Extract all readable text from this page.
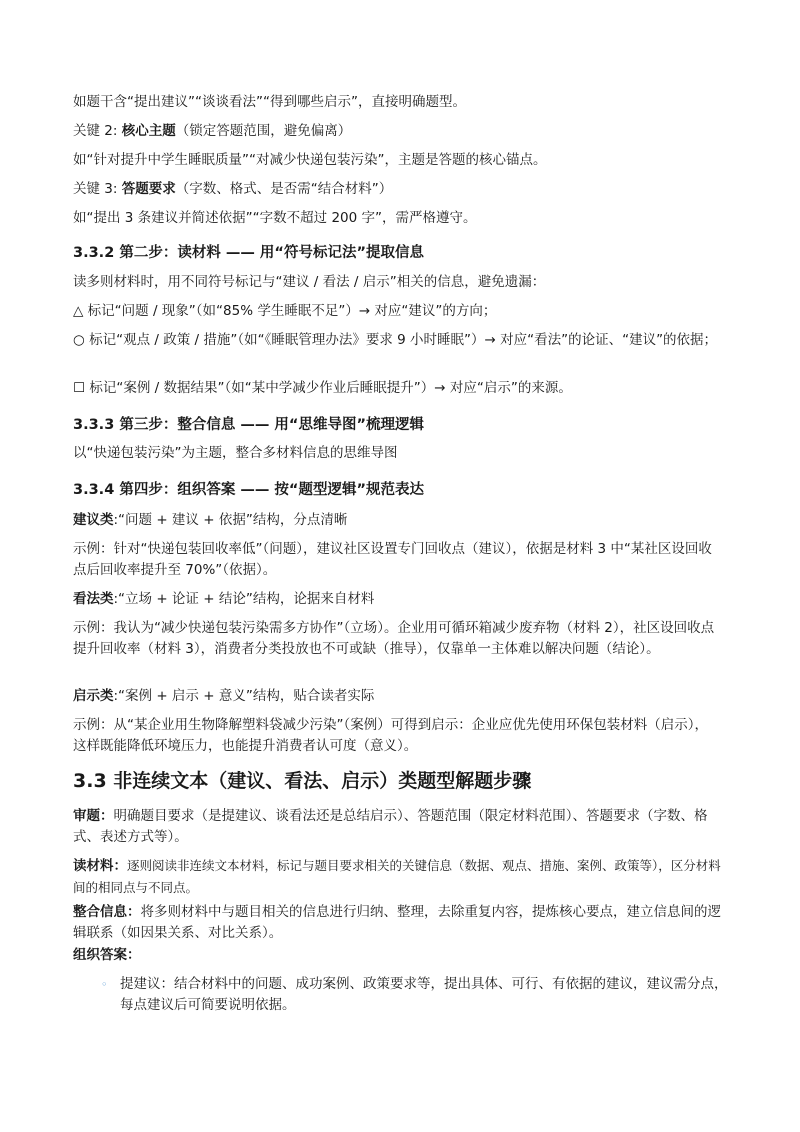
如题干含“提出建议”“谈谈看法”“得到哪些启示”，直接明确题型。
关键 2: 核心主题（锁定答题范围，避免偏离）
如“针对提升中学生睡眠质量”“对减少快递包装污染”，主题是答题的核心锚点。
关键 3: 答题要求（字数、格式、是否需“结合材料”）
如“提出 3 条建议并简述依据”“字数不超过 200 字”，需严格遵守。
3.3.2 第二步：读材料 —— 用“符号标记法”提取信息
读多则材料时，用不同符号标记与“建议 / 看法 / 启示”相关的信息，避免遗漏：
△ 标记“问题 / 现象”（如“85% 学生睡眠不足”）→ 对应“建议”的方向；
○ 标记“观点 / 政策 / 措施”（如“《睡眠管理办法》要求 9 小时睡眠”）→ 对应“看法”的论证、“建议”的依据；
☐ 标记“案例 / 数据结果”（如“某中学减少作业后睡眠提升”）→ 对应“启示”的来源。
3.3.3 第三步：整合信息 —— 用“思维导图”梳理逻辑
以“快递包装污染”为主题，整合多材料信息的思维导图
3.3.4 第四步：组织答案 —— 按“题型逻辑”规范表达
建议类:“问题 + 建议 + 依据”结构，分点清晰
示例：针对“快递包装回收率低”（问题），建议社区设置专门回收点（建议），依据是材料 3 中“某社区设回收点后回收率提升至 70%”（依据）。
看法类:“立场 + 论证 + 结论”结构，论据来自材料
示例：我认为“减少快递包装污染需多方协作”（立场）。企业用可循环箱减少废弃物（材料 2），社区设回收点提升回收率（材料 3），消费者分类投放也不可或缺（推导），仅靠单一主体难以解决问题（结论）。
启示类:“案例 + 启示 + 意义”结构，贴合读者实际
示例：从“某企业用生物降解塑料袋减少污染”（案例）可得到启示：企业应优先使用环保包装材料（启示），这样既能降低环境压力，也能提升消费者认可度（意义）。
3.3 非连续文本（建议、看法、启示）类题型解题步骤
审题：明确题目要求（是提建议、谈看法还是总结启示）、答题范围（限定材料范围）、答题要求（字数、格式、表述方式等）。
读材料：逐则阅读非连续文本材料，标记与题目要求相关的关键信息（数据、观点、措施、案例、政策等），区分材料间的相同点与不同点。
整合信息：将多则材料中与题目相关的信息进行归纳、整理，去除重复内容，提炼核心要点，建立信息间的逻辑联系（如因果关系、对比关系）。
组织答案：
◦ 提建议：结合材料中的问题、成功案例、政策要求等，提出具体、可行、有依据的建议，建议需分点，每点建议后可简要说明依据。
